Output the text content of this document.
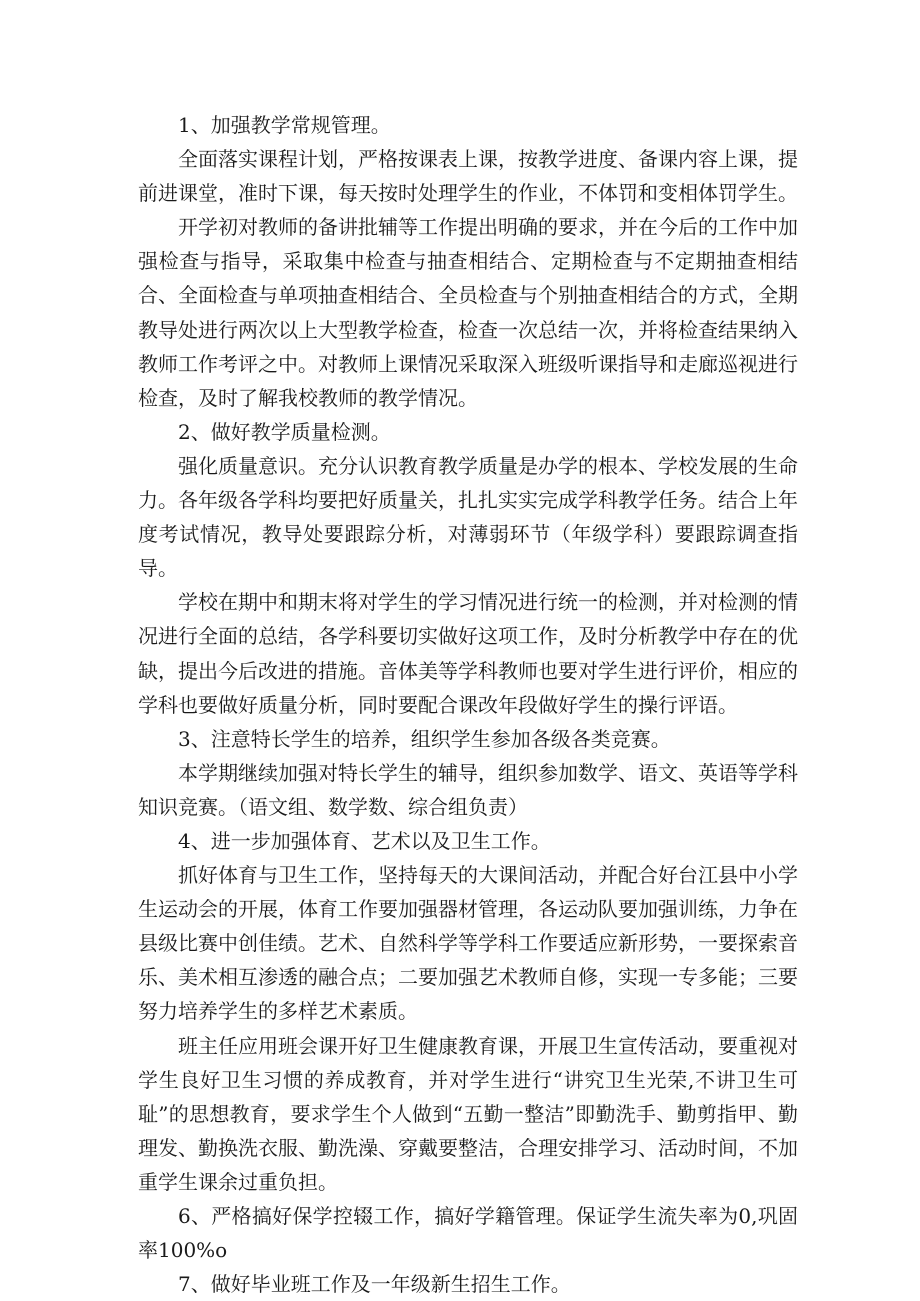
1、加强教学常规管理。

全面落实课程计划，严格按课表上课，按教学进度、备课内容上课，提前进课堂，准时下课，每天按时处理学生的作业，不体罚和变相体罚学生。

开学初对教师的备讲批辅等工作提出明确的要求，并在今后的工作中加强检查与指导，采取集中检查与抽查相结合、定期检查与不定期抽查相结合、全面检查与单项抽查相结合、全员检查与个别抽查相结合的方式，全期教导处进行两次以上大型教学检查，检查一次总结一次，并将检查结果纳入教师工作考评之中。对教师上课情况采取深入班级听课指导和走廊巡视进行检查，及时了解我校教师的教学情况。

2、做好教学质量检测。

强化质量意识。充分认识教育教学质量是办学的根本、学校发展的生命力。各年级各学科均要把好质量关，扎扎实实完成学科教学任务。结合上年度考试情况，教导处要跟踪分析，对薄弱环节（年级学科）要跟踪调查指导。

学校在期中和期末将对学生的学习情况进行统一的检测，并对检测的情况进行全面的总结，各学科要切实做好这项工作，及时分析教学中存在的优缺，提出今后改进的措施。音体美等学科教师也要对学生进行评价，相应的学科也要做好质量分析，同时要配合课改年段做好学生的操行评语。

3、注意特长学生的培养，组织学生参加各级各类竞赛。

本学期继续加强对特长学生的辅导，组织参加数学、语文、英语等学科知识竞赛。（语文组、数学数、综合组负责）

4、进一步加强体育、艺术以及卫生工作。

抓好体育与卫生工作，坚持每天的大课间活动，并配合好台江县中小学生运动会的开展，体育工作要加强器材管理，各运动队要加强训练，力争在县级比赛中创佳绩。艺术、自然科学等学科工作要适应新形势，一要探索音乐、美术相互渗透的融合点；二要加强艺术教师自修，实现一专多能；三要努力培养学生的多样艺术素质。

班主任应用班会课开好卫生健康教育课，开展卫生宣传活动，要重视对学生良好卫生习惯的养成教育，并对学生进行“讲究卫生光荣,不讲卫生可耻”的思想教育，要求学生个人做到“五勤一整洁”即勤洗手、勤剪指甲、勤理发、勤换洗衣服、勤洗澡、穿戴要整洁，合理安排学习、活动时间，不加重学生课余过重负担。

6、严格搞好保学控辍工作，搞好学籍管理。保证学生流失率为0,巩固率100%o

7、做好毕业班工作及一年级新生招生工作。
